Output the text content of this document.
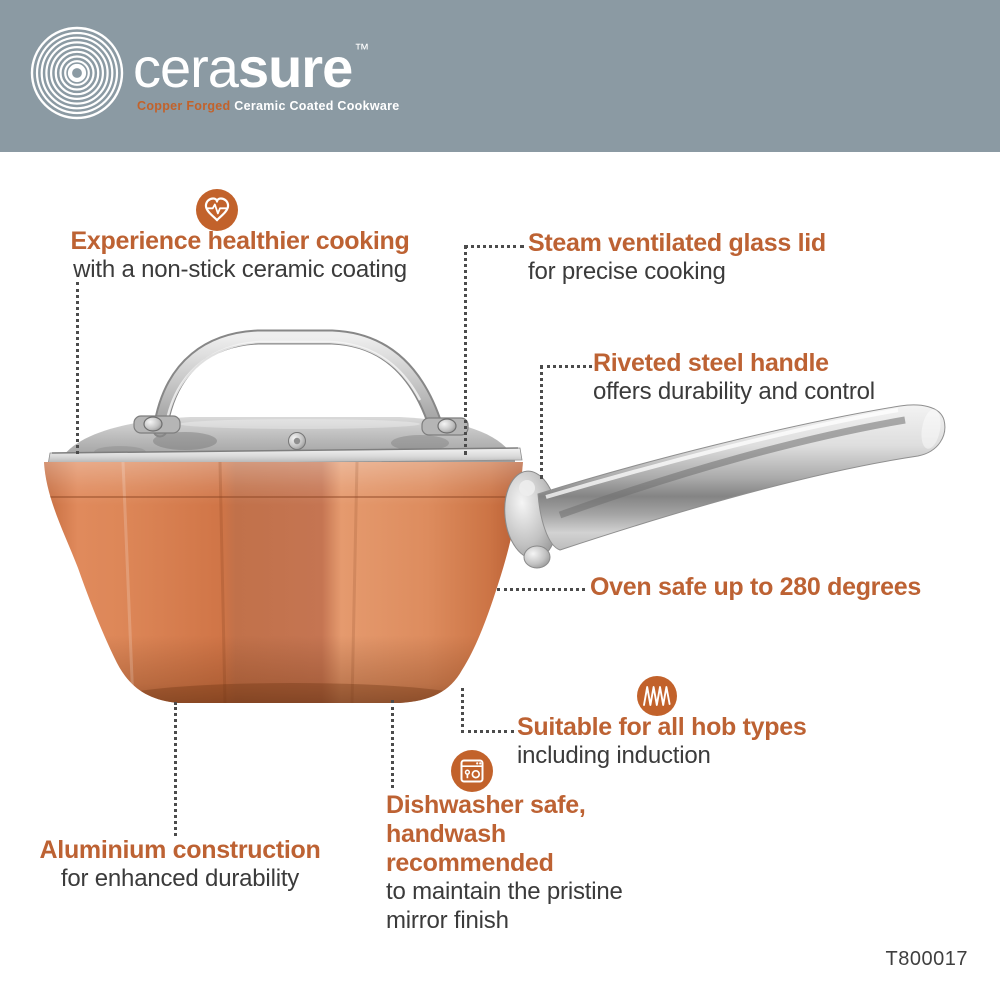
cerasure ™
Copper Forged Ceramic Coated Cookware
Experience healthier cooking
with a non-stick ceramic coating
Steam ventilated glass lid
for precise cooking
Riveted steel handle
offers durability and control
Oven safe up to 280 degrees
Suitable for all hob types
including induction
Dishwasher safe, handwash recommended
to maintain the pristine mirror finish
Aluminium construction
for enhanced durability
T800017
